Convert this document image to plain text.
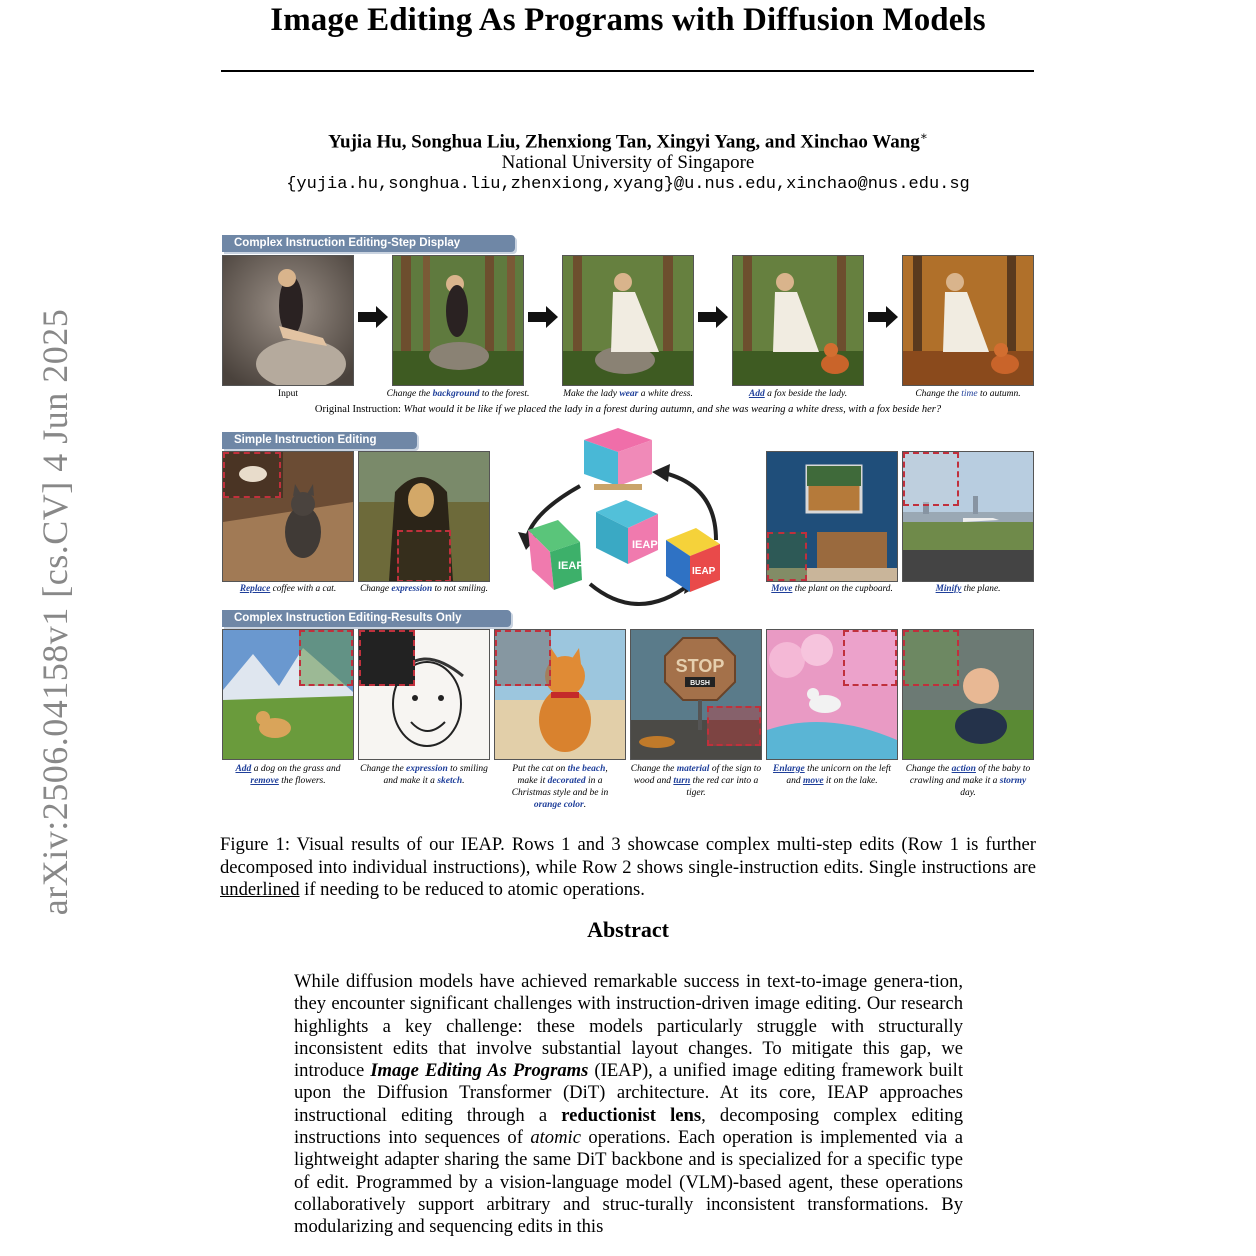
Image Editing As Programs with Diffusion Models
Yujia Hu, Songhua Liu, Zhenxiong Tan, Xingyi Yang, and Xinchao Wang∗
National University of Singapore
{yujia.hu,songhua.liu,zhenxiong,xyang}@u.nus.edu,xinchao@nus.edu.sg
arXiv:2506.04158v1 [cs.CV] 4 Jun 2025
Complex Instruction Editing-Step Display
Input	Change the background to the forest.	Make the lady wear a white dress.	Add a fox beside the lady.	Change the time to autumn.
Original Instruction: What would it be like if we placed the lady in a forest during autumn, and she was wearing a white dress, with a fox beside her?
Simple Instruction Editing
Replace coffee with a cat.	Change expression to not smiling.
IEAP
IEAP
IEAP
Move the plant on the cupboard.	Minify the plane.
Complex Instruction Editing-Results Only
STOP
BUSH
Add a dog on the grass and remove the flowers.
Change the expression to smiling and make it a sketch.
Put the cat on the beach, make it decorated in a Christmas style and be in orange color.
Change the material of the sign to wood and turn the red car into a tiger.
Enlarge the unicorn on the left and move it on the lake.
Change the action of the baby to crawling and make it a stormy day.
Figure 1: Visual results of our IEAP. Rows 1 and 3 showcase complex multi-step edits (Row 1 is further decomposed into individual instructions), while Row 2 shows single-instruction edits. Single instructions are underlined if needing to be reduced to atomic operations.
Abstract
While diffusion models have achieved remarkable success in text-to-image genera-tion, they encounter significant challenges with instruction-driven image editing. Our research highlights a key challenge: these models particularly struggle with structurally inconsistent edits that involve substantial layout changes. To mitigate this gap, we introduce Image Editing As Programs (IEAP), a unified image editing framework built upon the Diffusion Transformer (DiT) architecture. At its core, IEAP approaches instructional editing through a reductionist lens, decomposing complex editing instructions into sequences of atomic operations. Each operation is implemented via a lightweight adapter sharing the same DiT backbone and is specialized for a specific type of edit. Programmed by a vision-language model (VLM)-based agent, these operations collaboratively support arbitrary and struc-turally inconsistent transformations. By modularizing and sequencing edits in this
